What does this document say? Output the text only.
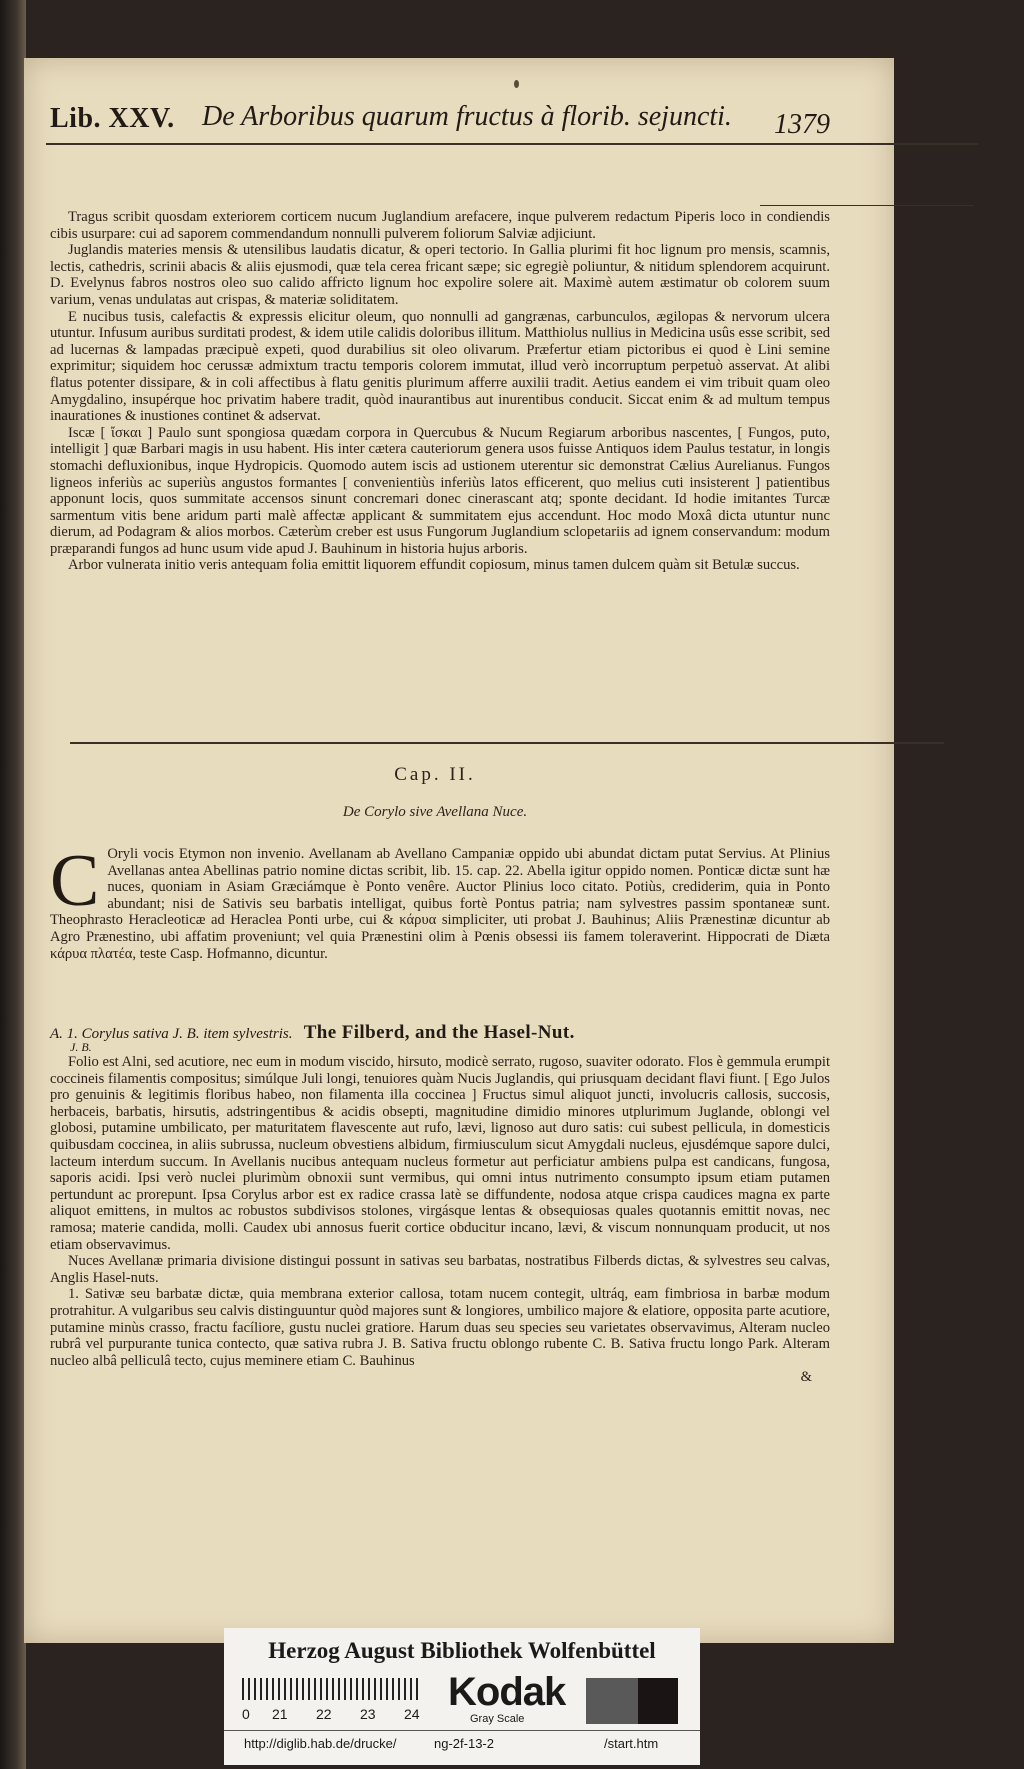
Lib. XXV. De Arboribus quarum fructus à florib. sejuncti. 1379

Tragus scribit quosdam exteriorem corticem nucum Juglandium arefacere, inque pulverem redactum Piperis loco in condiendis cibis usurpare: cui ad saporem commendandum nonnulli pulverem foliorum Salviæ adjiciunt.

Juglandis materies mensis & utensilibus laudatis dicatur, & operi tectorio. In Gallia plurimi fit hoc lignum pro mensis, scamnis, lectis, cathedris, scrinii abacis & aliis ejusmodi, quæ tela cerea fricant sæpe; sic egregiè poliuntur, & nitidum splendorem acquirunt. D. Evelynus fabros nostros oleo suo calido affricto lignum hoc expolire solere ait. Maximè autem æstimatur ob colorem suum varium, venas undulatas aut crispas, & materiæ soliditatem.

E nucibus tusis, calefactis & expressis elicitur oleum, quo nonnulli ad gangrænas, carbunculos, ægilopas & nervorum ulcera utuntur. Infusum auribus surditati prodest, & idem utile calidis doloribus illitum. Matthiolus nullius in Medicina usûs esse scribit, sed ad lucernas & lampadas præcipuè expeti, quod durabilius sit oleo olivarum. Præfertur etiam pictoribus ei quod è Lini semine exprimitur; siquidem hoc cerussæ admixtum tractu temporis colorem immutat, illud verò incorruptum perpetuò asservat. At alibi flatus potenter dissipare, & in coli affectibus à flatu genitis plurimum afferre auxilii tradit. Aetius eandem ei vim tribuit quam oleo Amygdalino, insupérque hoc privatim habere tradit, quòd inaurantibus aut inurentibus conducit. Siccat enim & ad multum tempus inaurationes & inustiones continet & adservat.

Iscæ [ ἴσκαι ] Paulo sunt spongiosa quædam corpora in Quercubus & Nucum Regiarum arboribus nascentes, [ Fungos, puto, intelligit ] quæ Barbari magis in usu habent. His inter cætera cauteriorum genera usos fuisse Antiquos idem Paulus testatur, in longis stomachi defluxionibus, inque Hydropicis. Quomodo autem iscis ad ustionem uterentur sic demonstrat Cælius Aurelianus. Fungos ligneos inferiùs ac superiùs angustos formantes [ convenientiùs inferiùs latos efficerent, quo melius cuti insisterent ] patientibus apponunt locis, quos summitate accensos sinunt concremari donec cinerascant atq; sponte decidant. Id hodie imitantes Turcæ sarmentum vitis bene aridum parti malè affectæ applicant & summitatem ejus accendunt. Hoc modo Moxâ dicta utuntur nunc dierum, ad Podagram & alios morbos. Cæterùm creber est usus Fungorum Juglandium sclopetariis ad ignem conservandum: modum præparandi fungos ad hunc usum vide apud J. Bauhinum in historia hujus arboris.

Arbor vulnerata initio veris antequam folia emittit liquorem effundit copiosum, minus tamen dulcem quàm sit Betulæ succus.

Cap. II.
De Corylo sive Avellana Nuce.
C Oryli vocis Etymon non invenio. Avellanam ab Avellano Campaniæ oppido ubi abundat dictam putat Servius. At Plinius Avellanas antea Abellinas patrio nomine dictas scribit, lib. 15. cap. 22. Abella igitur oppido nomen. Ponticæ dictæ sunt hæ nuces, quoniam in Asiam Græciámque è Ponto venêre. Auctor Plinius loco citato. Potiùs, crediderim, quia in Ponto abundant; nisi de Sativis seu barbatis intelligat, quibus fortè Pontus patria; nam sylvestres passim spontaneæ sunt. Theophrasto Heracleoticæ ad Heraclea Ponti urbe, cui & κάρυα simpliciter, uti probat J. Bauhinus; Aliis Prænestinæ dicuntur ab Agro Prænestino, ubi affatim proveniunt; vel quia Prænestini olim à Pœnis obsessi iis famem toleraverint. Hippocrati de Diæta κάρυα πλατέα, teste Casp. Hofmanno, dicuntur.
A. 1. Corylus sativa J. B. item sylvestris. The Filberd, and the Hasel-Nut.
J. B.

Folio est Alni, sed acutiore, nec eum in modum viscido, hirsuto, modicè serrato, rugoso, suaviter odorato. Flos è gemmula erumpit coccineis filamentis compositus; simúlque Juli longi, tenuiores quàm Nucis Juglandis, qui priusquam decidant flavi fiunt. [ Ego Julos pro genuinis & legitimis floribus habeo, non filamenta illa coccinea ] Fructus simul aliquot juncti, involucris callosis, succosis, herbaceis, barbatis, hirsutis, adstringentibus & acidis obsepti, magnitudine dimidio minores utplurimum Juglande, oblongi vel globosi, putamine umbilicato, per maturitatem flavescente aut rufo, lævi, lignoso aut duro satis: cui subest pellicula, in domesticis quibusdam coccinea, in aliis subrussa, nucleum obvestiens albidum, firmiusculum sicut Amygdali nucleus, ejusdémque sapore dulci, lacteum interdum succum. In Avellanis nucibus antequam nucleus formetur aut perficiatur ambiens pulpa est candicans, fungosa, saporis acidi. Ipsi verò nuclei plurimùm obnoxii sunt vermibus, qui omni intus nutrimento consumpto ipsum etiam putamen pertundunt ac prorepunt. Ipsa Corylus arbor est ex radice crassa latè se diffundente, nodosa atque crispa caudices magna ex parte aliquot emittens, in multos ac robustos subdivisos stolones, virgásque lentas & obsequiosas quales quotannis emittit novas, nec ramosa; materie candida, molli. Caudex ubi annosus fuerit cortice obducitur incano, lævi, & viscum nonnunquam producit, ut nos etiam observavimus.

Nuces Avellanæ primaria divisione distingui possunt in sativas seu barbatas, nostratibus Filberds dictas, & sylvestres seu calvas, Anglis Hasel-nuts.

1. Sativæ seu barbatæ dictæ, quia membrana exterior callosa, totam nucem contegit, ultráq, eam fimbriosa in barbæ modum protrahitur. A vulgaribus seu calvis distinguuntur quòd majores sunt & longiores, umbilico majore & elatiore, opposita parte acutiore, putamine minùs crasso, fractu facíliore, gustu nuclei gratiore. Harum duas seu species seu varietates observavimus, Alteram nucleo rubrâ vel purpurante tunica contecto, quæ sativa rubra J. B. Sativa fructu oblongo rubente C. B. Sativa fructu longo Park. Alteram nucleo albâ pelliculâ tecto, cujus meminere etiam C. Bauhinus

&
Herzog August Bibliothek Wolfenbüttel
0 21 22 23 24 Kodak
Gray Scale
http://diglib.hab.de/drucke/	ng-2f-13-2	/start.htm
